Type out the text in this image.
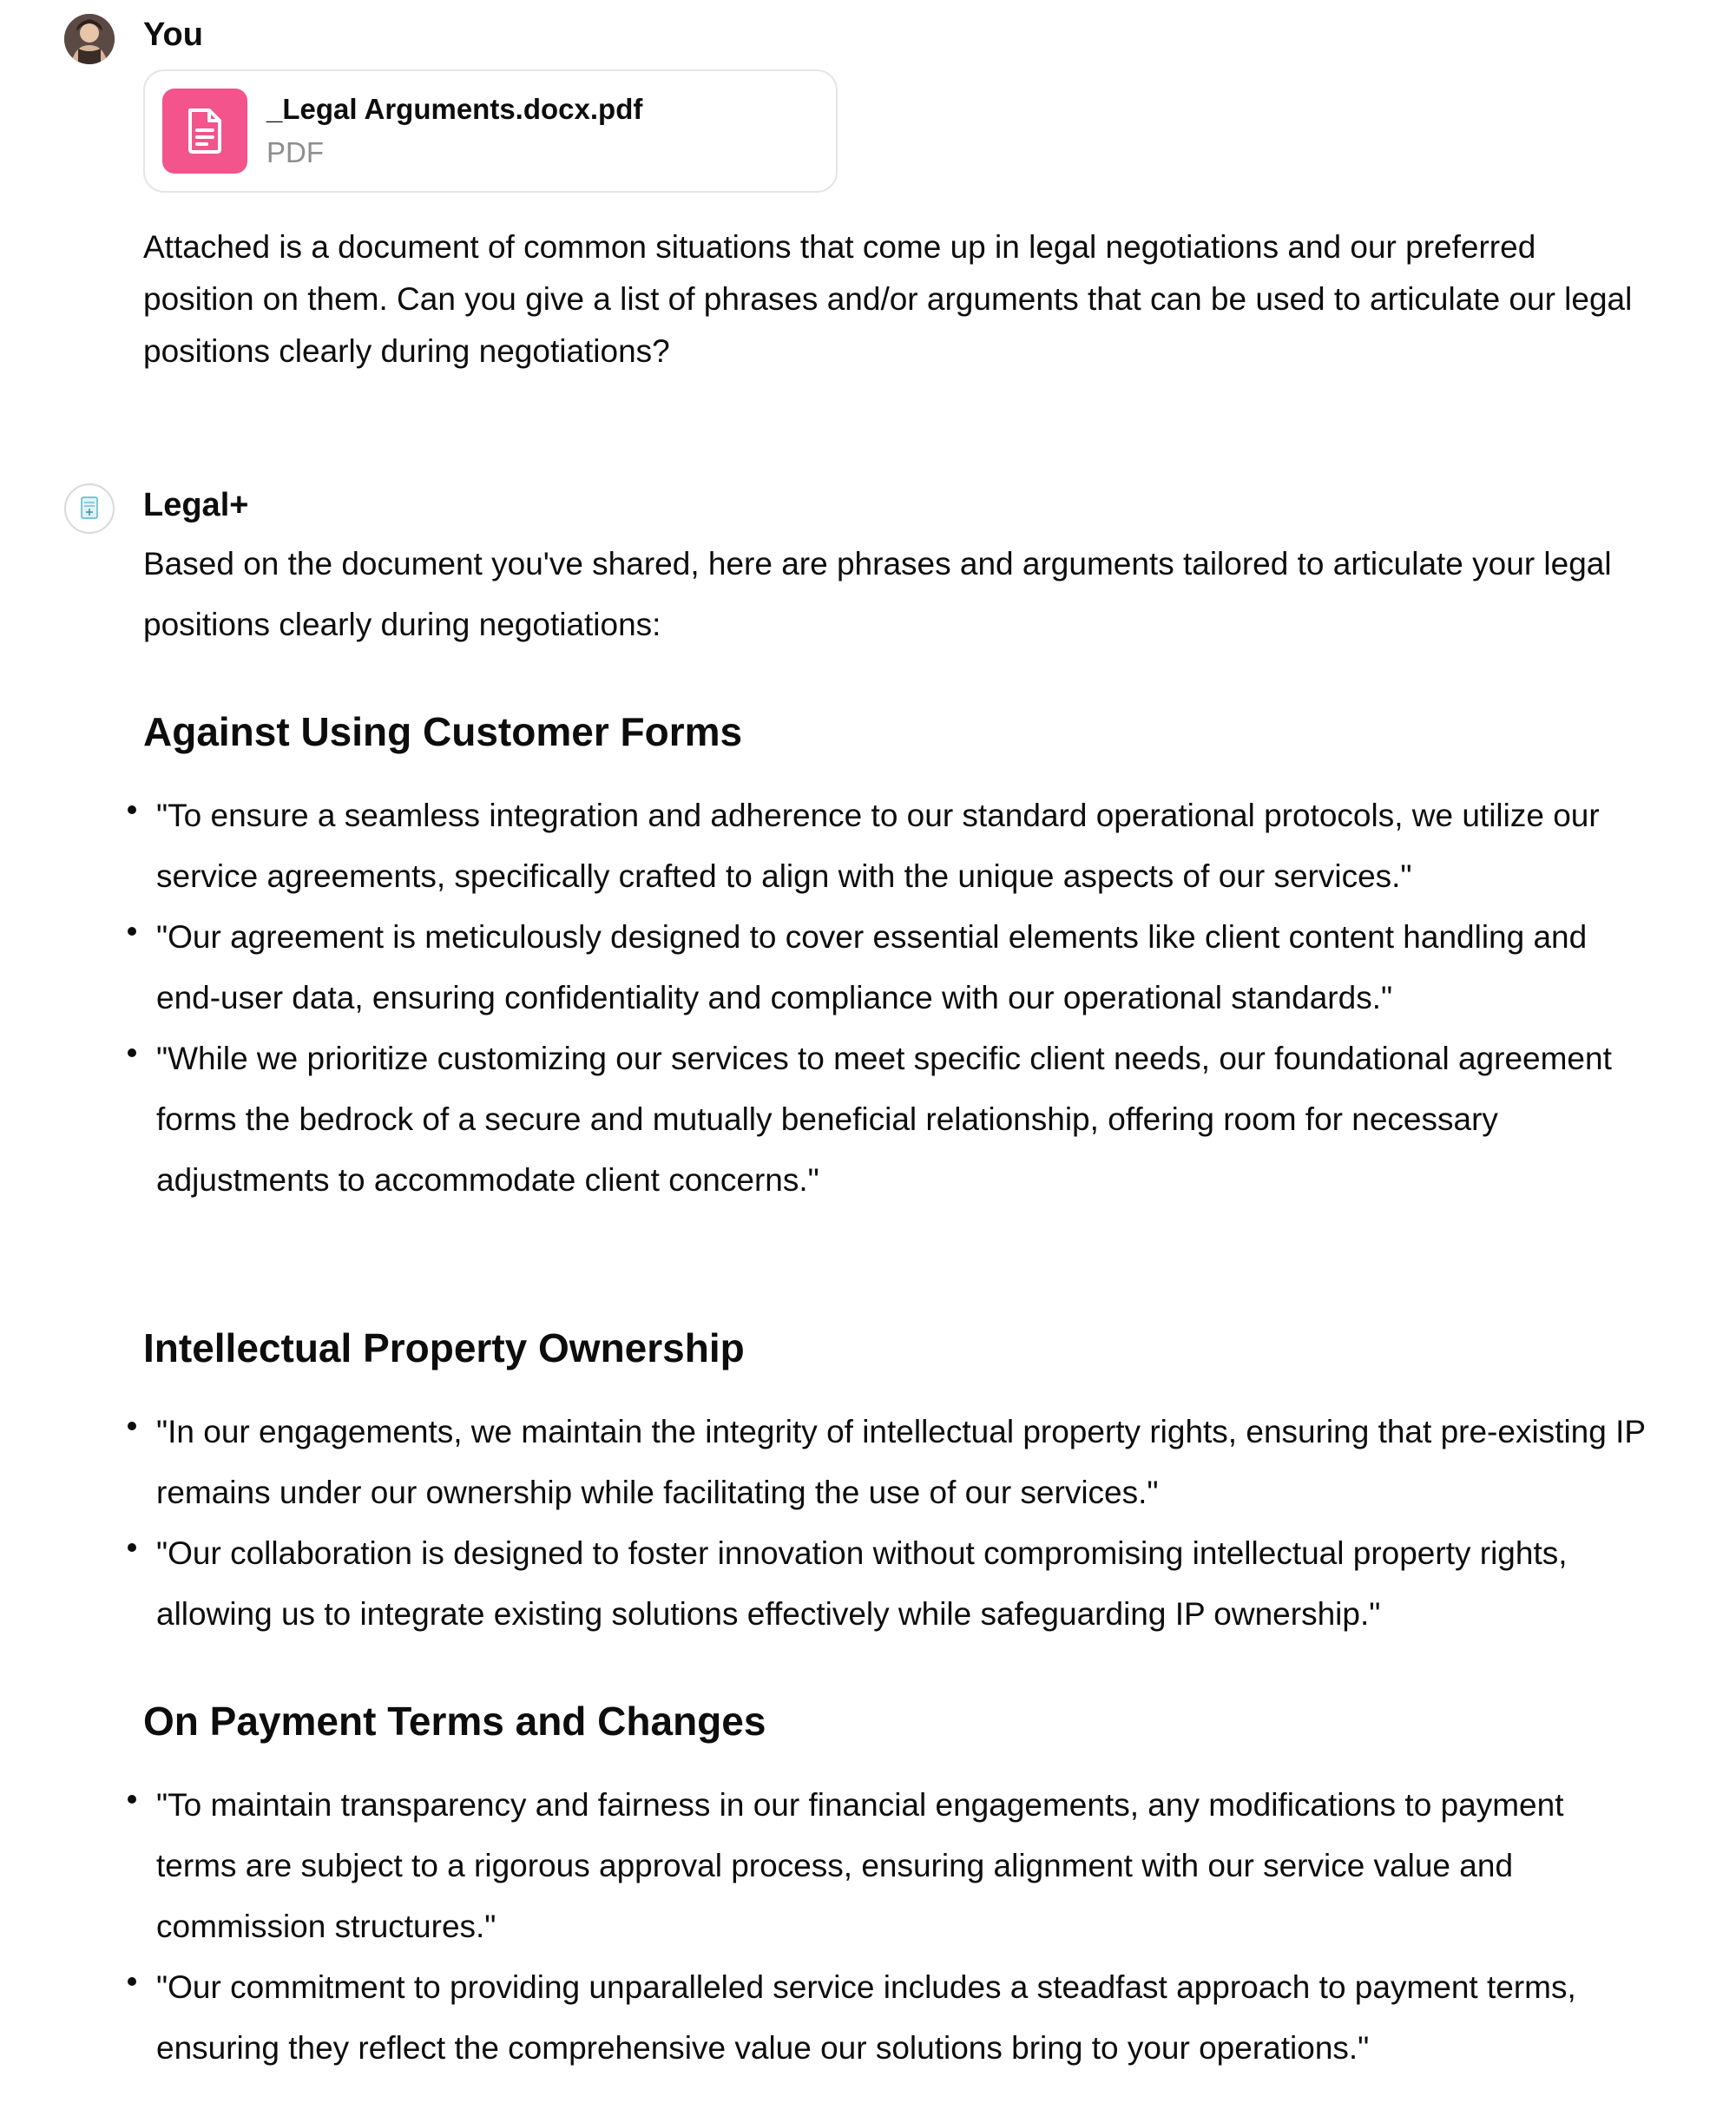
You
_Legal Arguments.docx.pdf
PDF
Attached is a document of common situations that come up in legal negotiations and our preferred position on them. Can you give a list of phrases and/or arguments that can be used to articulate our legal positions clearly during negotiations?
Legal+
Based on the document you've shared, here are phrases and arguments tailored to articulate your legal positions clearly during negotiations:
Against Using Customer Forms
"To ensure a seamless integration and adherence to our standard operational protocols, we utilize our service agreements, specifically crafted to align with the unique aspects of our services."
"Our agreement is meticulously designed to cover essential elements like client content handling and end-user data, ensuring confidentiality and compliance with our operational standards."
"While we prioritize customizing our services to meet specific client needs, our foundational agreement forms the bedrock of a secure and mutually beneficial relationship, offering room for necessary adjustments to accommodate client concerns."
Intellectual Property Ownership
"In our engagements, we maintain the integrity of intellectual property rights, ensuring that pre-existing IP remains under our ownership while facilitating the use of our services."
"Our collaboration is designed to foster innovation without compromising intellectual property rights, allowing us to integrate existing solutions effectively while safeguarding IP ownership."
On Payment Terms and Changes
"To maintain transparency and fairness in our financial engagements, any modifications to payment terms are subject to a rigorous approval process, ensuring alignment with our service value and commission structures."
"Our commitment to providing unparalleled service includes a steadfast approach to payment terms, ensuring they reflect the comprehensive value our solutions bring to your operations."
